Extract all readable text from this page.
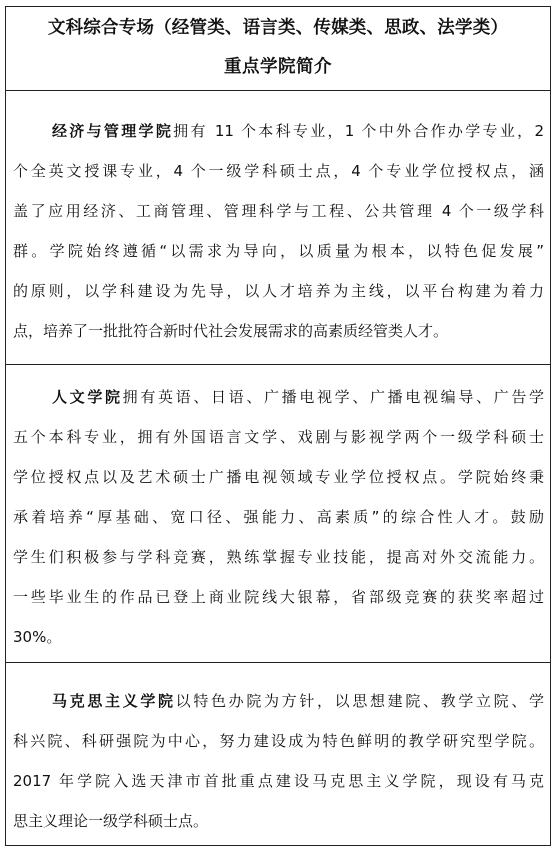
文科综合专场（经管类、语言类、传媒类、思政、法学类）
重点学院简介
经济与管理学院拥有 11 个本科专业，1 个中外合作办学专业，2
个全英文授课专业，4 个一级学科硕士点，4 个专业学位授权点，涵
盖了应用经济、工商管理、管理科学与工程、公共管理 4 个一级学科
群。学院始终遵循“以需求为导向，以质量为根本，以特色促发展”
的原则，以学科建设为先导，以人才培养为主线，以平台构建为着力
点，培养了一批批符合新时代社会发展需求的高素质经管类人才。
人文学院拥有英语、日语、广播电视学、广播电视编导、广告学
五个本科专业，拥有外国语言文学、戏剧与影视学两个一级学科硕士
学位授权点以及艺术硕士广播电视领域专业学位授权点。学院始终秉
承着培养“厚基础、宽口径、强能力、高素质”的综合性人才。鼓励
学生们积极参与学科竞赛，熟练掌握专业技能，提高对外交流能力。
一些毕业生的作品已登上商业院线大银幕，省部级竞赛的获奖率超过
30%。
马克思主义学院以特色办院为方针，以思想建院、教学立院、学
科兴院、科研强院为中心，努力建设成为特色鲜明的教学研究型学院。
2017 年学院入选天津市首批重点建设马克思主义学院，现设有马克
思主义理论一级学科硕士点。
